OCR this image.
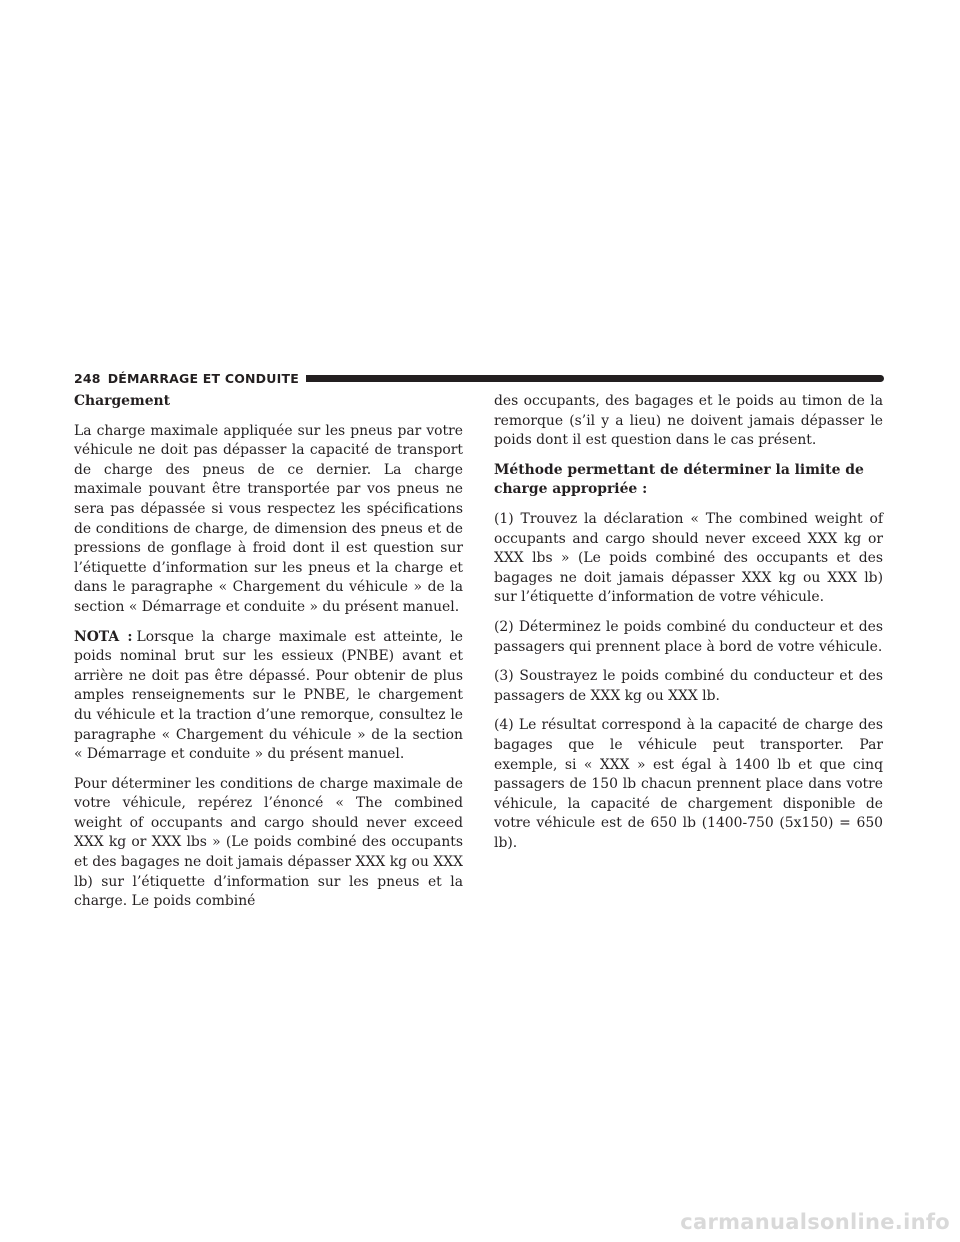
248 DÉMARRAGE ET CONDUITE

Chargement

La charge maximale appliquée sur les pneus par votre véhicule ne doit pas dépasser la capacité de transport de charge des pneus de ce dernier. La charge maximale pouvant être transportée par vos pneus ne sera pas dépassée si vous respectez les spécifications de conditions de charge, de dimension des pneus et de pressions de gonflage à froid dont il est question sur l’étiquette d’information sur les pneus et la charge et dans le paragraphe « Chargement du véhicule » de la section « Démarrage et conduite » du présent manuel.

NOTA : Lorsque la charge maximale est atteinte, le poids nominal brut sur les essieux (PNBE) avant et arrière ne doit pas être dépassé. Pour obtenir de plus amples renseignements sur le PNBE, le chargement du véhicule et la traction d’une remorque, consultez le paragraphe « Chargement du véhicule » de la section « Démarrage et conduite » du présent manuel.

Pour déterminer les conditions de charge maximale de votre véhicule, repérez l’énoncé « The combined weight of occupants and cargo should never exceed XXX kg or XXX lbs » (Le poids combiné des occupants et des bagages ne doit jamais dépasser XXX kg ou XXX lb) sur l’étiquette d’information sur les pneus et la charge. Le poids combiné

des occupants, des bagages et le poids au timon de la remorque (s’il y a lieu) ne doivent jamais dépasser le poids dont il est question dans le cas présent.

Méthode permettant de déterminer la limite de charge appropriée :

(1) Trouvez la déclaration « The combined weight of occupants and cargo should never exceed XXX kg or XXX lbs » (Le poids combiné des occupants et des bagages ne doit jamais dépasser XXX kg ou XXX lb) sur l’étiquette d’information de votre véhicule.

(2) Déterminez le poids combiné du conducteur et des passagers qui prennent place à bord de votre véhicule.

(3) Soustrayez le poids combiné du conducteur et des passagers de XXX kg ou XXX lb.

(4) Le résultat correspond à la capacité de charge des bagages que le véhicule peut transporter. Par exemple, si « XXX » est égal à 1400 lb et que cinq passagers de 150 lb chacun prennent place dans votre véhicule, la capacité de chargement disponible de votre véhicule est de 650 lb (1400-750 (5x150) = 650 lb).

carmanualsonline.info
